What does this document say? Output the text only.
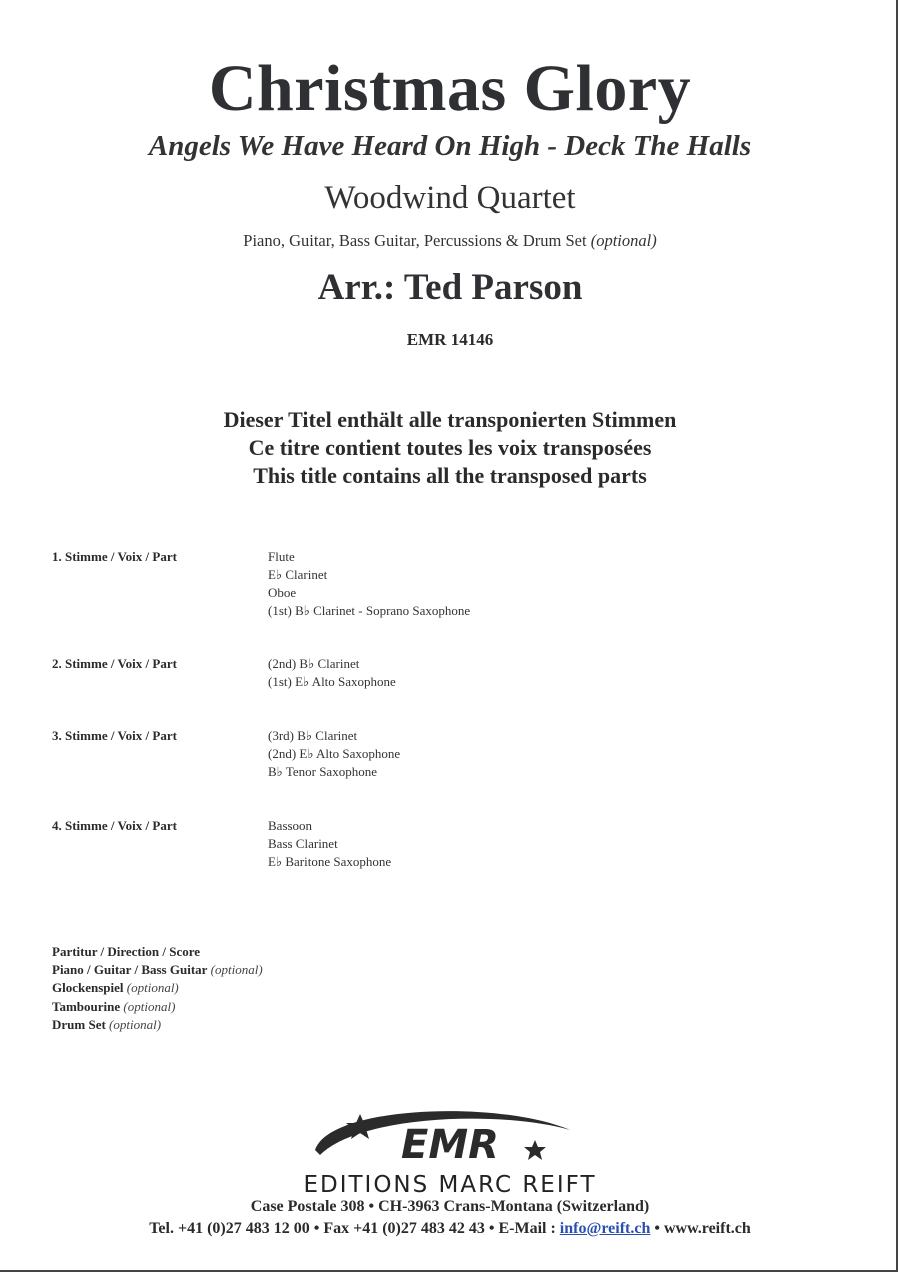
Christmas Glory
Angels We Have Heard On High - Deck The Halls
Woodwind Quartet
Piano, Guitar, Bass Guitar, Percussions & Drum Set (optional)
Arr.: Ted Parson
EMR 14146
Dieser Titel enthält alle transponierten Stimmen
Ce titre contient toutes les voix transposées
This title contains all the transposed parts
1. Stimme / Voix / Part	Flute
E♭ Clarinet
Oboe
(1st) B♭ Clarinet - Soprano Saxophone
2. Stimme / Voix / Part	(2nd) B♭ Clarinet
(1st) E♭ Alto Saxophone
3. Stimme / Voix / Part	(3rd) B♭ Clarinet
(2nd) E♭ Alto Saxophone
B♭ Tenor Saxophone
4. Stimme / Voix / Part	Bassoon
Bass Clarinet
E♭ Baritone Saxophone
Partitur / Direction / Score
Piano / Guitar / Bass Guitar (optional)
Glockenspiel (optional)
Tambourine (optional)
Drum Set (optional)
EMR
EDITIONS MARC REIFT
Case Postale 308 • CH-3963 Crans-Montana (Switzerland)
Tel. +41 (0)27 483 12 00 • Fax +41 (0)27 483 42 43 • E-Mail : info@reift.ch • www.reift.ch
